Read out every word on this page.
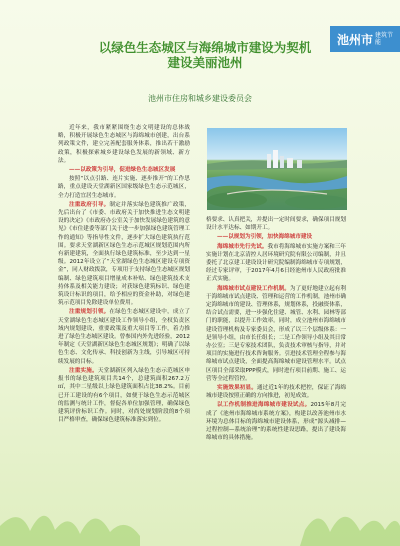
池州市 建筑节能
以绿色生态城区与海绵城市建设为契机
建设美丽池州
池州市住房和城乡建设委员会

近年来，我市紧紧围绕生态文明建设的总体战略，积极开展绿色生态城区与海绵城市创建，出台系列政策文件，建立完善配套服务体系，推出若干激励政策，积极探索城乡建设绿色发展的新领域、新方法。

——以政策为引导，促进绿色生态城区发展

按照“以点引路、连片实施、逐步推开”的工作思路，重点建设天堂湖新区国家级绿色生态示范城区，全力打造宜居生态城市。

注重政府引导。制定并落实绿色建筑推广政策，先后出台了《市委、市政府关于加快推进生态文明建设的决定》《市政府办公室关于加快发展绿色建筑的意见》《市住建委等部门关于进一步加强绿色建筑管理工作的通知》等指导性文件，逐步扩大绿色建筑执行范围。要求天堂湖新区绿色生态示范城区规划范围内所有新建建筑，全面执行绿色建筑标准，至少达到一星级。2012年设立了“天堂湖绿色生态城区建设专项资金”，同人财政拨款，专项用于支持绿色生态城区规划编制、绿色建筑项目增量成本补贴、绿色建筑技术支持体系及相关能力建设；对获绿色建筑标识、绿色建筑设计标识的项目，给予相应的资金补助，对绿色建筑示范项目免除建设单位费用。

注重规划引领。在绿色生态城区建设中，成立了天堂湖绿色生态城区建设工作领导小组，全权负责区域内规划建设，重要政策及重大项目等工作，着力推进了绿色生态城区建设。曾参国内外先进经验，2012年制定《天堂湖新区绿色生态城区规划》；明确了以绿色生态、文化传承、科技创新为主线，引导城区可持续发展的目标。

注重实施。天堂湖新区列入绿色生态示范城区申报书的绿色建筑项目共14个，总建筑面积267.2万㎡，其中二星级以上绿色建筑面积占比38.2%。目前已开工建设的有6个项目，如便于绿色生态示范城区的监测与统计工作，督促各单位加强管理，确保绿色建筑评价标识工作。同时，对尚处规划阶段的8个项目严格审查，确保绿色建筑标准落实到位。

格要求、认真把关，并提出一定时间要求，确保项目规划设计水平达标、如期开工。

——以规划为引领，加快海绵城市建设

海绵城市先行先试。我市将海绵城市实施方案和三年实施计划在北京清控人居环境研究院有限公司编制，并且委托了北京建工建设设计研究院编制海绵城市专项规划，经过专家评审，于2017年4月6日经池州市人民政府批准正式实施。

海绵城市试点建设工作机制。为了更好地建立起有利于海绵城市试点建设、管理和运营的工作机制，池州市确定海绵城市的建设、管理体系，规划体系，投融资体系，结合试点需要，进一步强化住建、城管、水利、园林等部门的职能，以提升工作效率。同时，成立池州市海绵城市建设管理机构及专家委员会，形成了以三个层级体系：一是领导小组，由市长任组长；二是工作领导小组及其日常办公室；三是专家技术团队，负责技术审核与指导，并对项目的实施进行技术咨询服务。引进技术管理全程参与海绵城市试点建设，全面提高海绵城市建设管理水平。试点区项目全部采取PPP模式，同时进行项目前期、施工、运营等全过程管控。

实施效果初显。通过近1年的技术把控，保证了海绵城市建设按照正确的方向推进，初见成效。

以工作机制推进海绵城市建设试点。2015年8月完成了《池州市海绵城市系统方案》，构建以改善池州市水环境为总体目标的海绵城市建设体系，形成“源头减排—过程控制—系统治理”的系统性建设思路，提出了建设海绵城市的具体措施。
